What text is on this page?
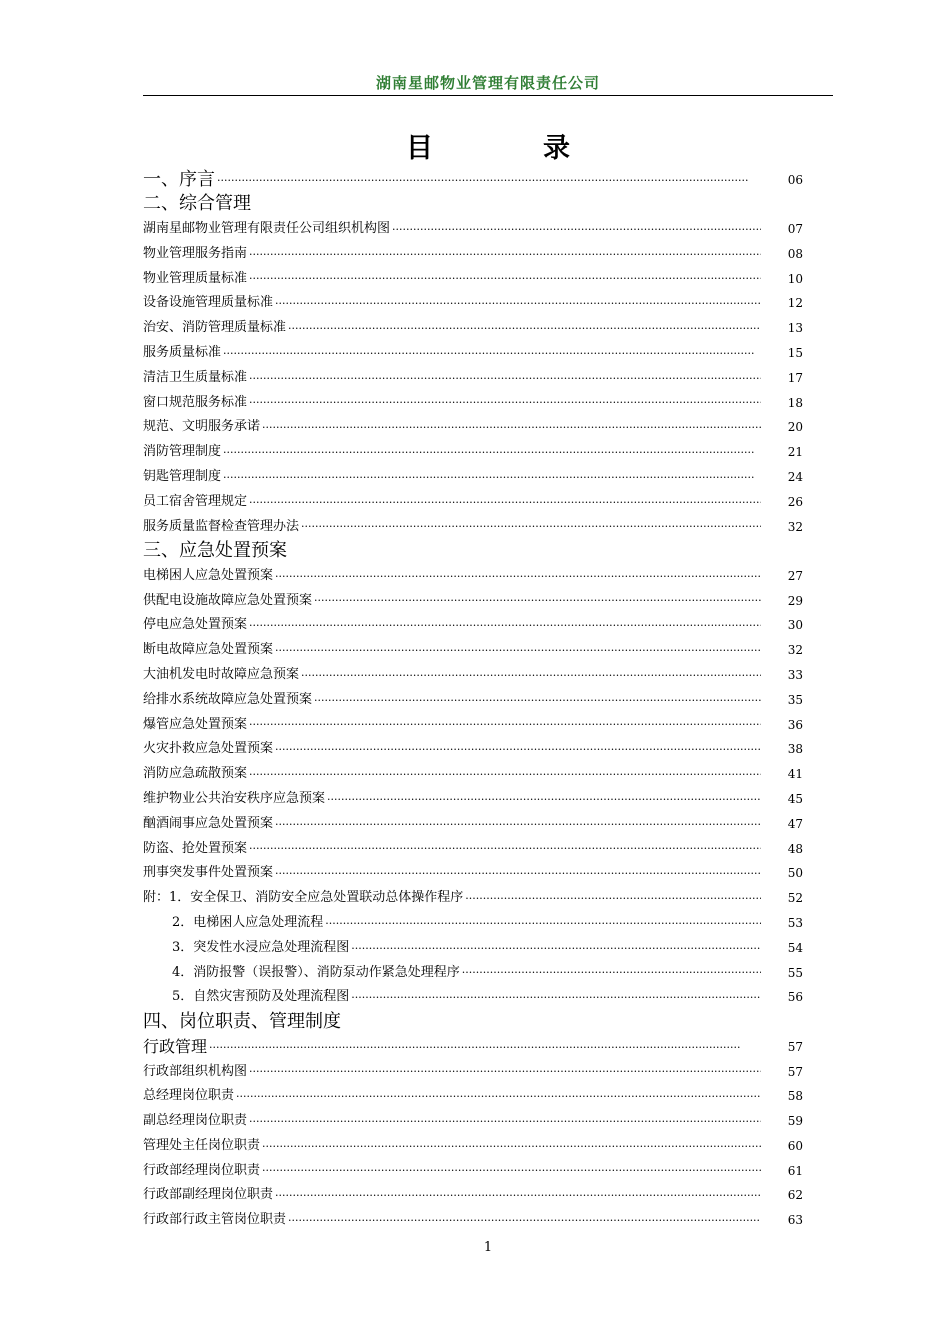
湖南星邮物业管理有限责任公司
目	录
一、序言 ·····	06
二、综合管理
湖南星邮物业管理有限责任公司组织机构图 ·····	07
物业管理服务指南 ·····	08
物业管理质量标准 ·····	10
设备设施管理质量标准 ·····	12
治安、消防管理质量标准 ·····	13
服务质量标准 ·····	15
清洁卫生质量标准 ·····	17
窗口规范服务标准 ·····	18
规范、文明服务承诺 ·····	20
消防管理制度 ·····	21
钥匙管理制度 ·····	24
员工宿舍管理规定 ·····	26
服务质量监督检查管理办法 ·····	32
三、应急处置预案
电梯困人应急处置预案 ·····	27
供配电设施故障应急处置预案 ·····	29
停电应急处置预案 ·····	30
断电故障应急处置预案 ·····	32
大油机发电时故障应急预案 ·····	33
给排水系统故障应急处置预案 ·····	35
爆管应急处置预案 ·····	36
火灾扑救应急处置预案 ·····	38
消防应急疏散预案 ·····	41
维护物业公共治安秩序应急预案 ·····	45
酗酒闹事应急处置预案 ·····	47
防盗、抢处置预案 ·····	48
刑事突发事件处置预案 ·····	50
附：1．安全保卫、消防安全应急处置联动总体操作程序 ·····	52
2．电梯困人应急处理流程 ·····	53
3．突发性水浸应急处理流程图 ·····	54
4．消防报警（误报警）、消防泵动作紧急处理程序 ·····	55
5．自然灾害预防及处理流程图 ·····	56
四、岗位职责、管理制度
行政管理 ·····	57
行政部组织机构图 ·····	57
总经理岗位职责 ·····	58
副总经理岗位职责 ·····	59
管理处主任岗位职责 ·····	60
行政部经理岗位职责 ·····	61
行政部副经理岗位职责 ·····	62
行政部行政主管岗位职责 ·····	63
1
